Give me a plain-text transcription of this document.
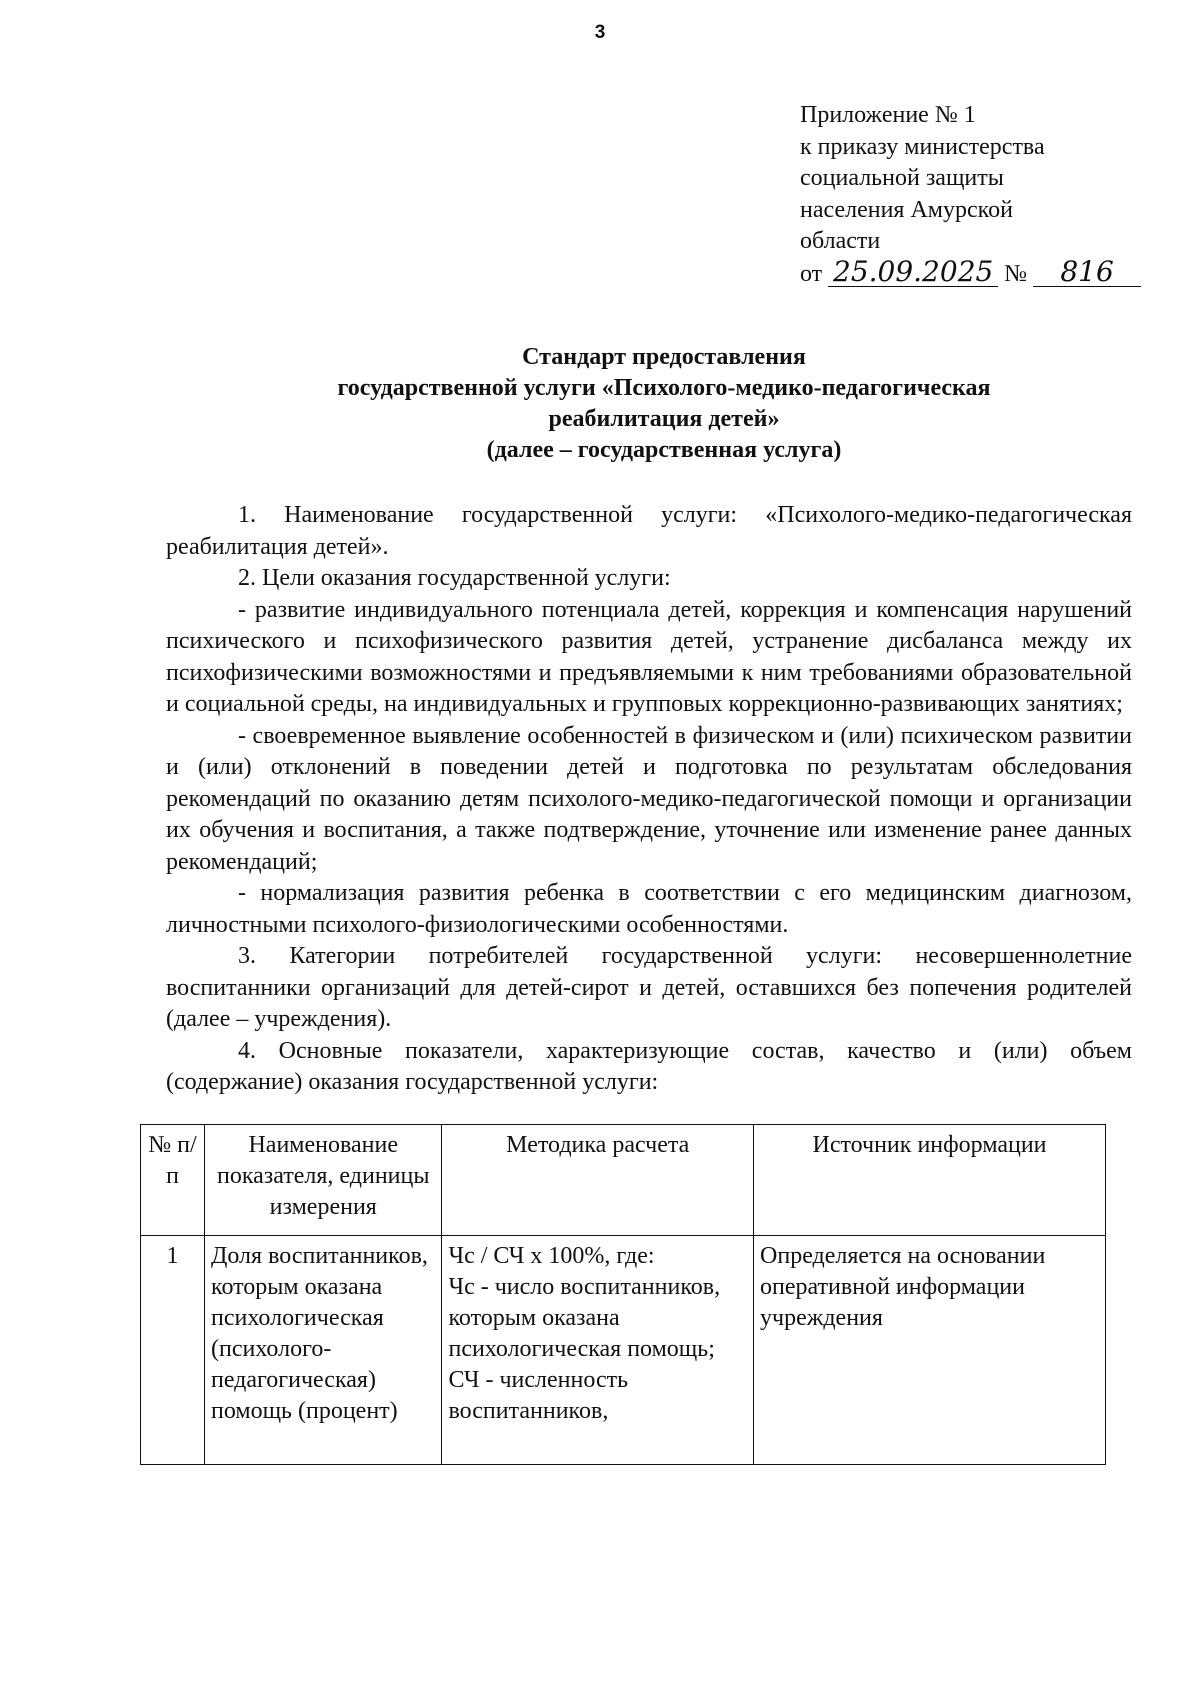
3
Приложение № 1
к приказу министерства
социальной защиты
населения Амурской
области
от 25.09.2025 № 816
Стандарт предоставления
государственной услуги «Психолого-медико-педагогическая
реабилитация детей»
(далее – государственная услуга)

1. Наименование государственной услуги: «Психолого-медико-педагогическая реабилитация детей».

2. Цели оказания государственной услуги:

- развитие индивидуального потенциала детей, коррекция и компенсация нарушений психического и психофизического развития детей, устранение дисбаланса между их психофизическими возможностями и предъявляемыми к ним требованиями образовательной и социальной среды, на индивидуальных и групповых коррекционно-развивающих занятиях;

- своевременное выявление особенностей в физическом и (или) психическом развитии и (или) отклонений в поведении детей и подготовка по результатам обследования рекомендаций по оказанию детям психолого-медико-педагогической помощи и организации их обучения и воспитания, а также подтверждение, уточнение или изменение ранее данных рекомендаций;

- нормализация развития ребенка в соответствии с его медицинским диагнозом, личностными психолого-физиологическими особенностями.

3. Категории потребителей государственной услуги: несовершеннолетние воспитанники организаций для детей-сирот и детей, оставшихся без попечения родителей (далее – учреждения).

4. Основные показатели, характеризующие состав, качество и (или) объем (содержание) оказания государственной услуги:

№ п/п	Наименование показателя, единицы измерения	Методика расчета	Источник информации
1	Доля воспитанников, которым оказана психологическая (психолого-педагогическая) помощь (процент)	Чс / СЧ х 100%, где:
Чс - число воспитанников, которым оказана психологическая помощь;
СЧ - численность воспитанников,	Определяется на основании оперативной информации учреждения
